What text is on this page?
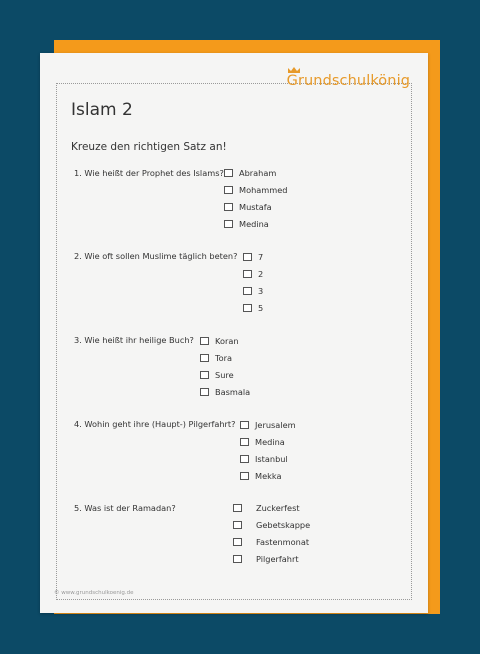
Grundschulkönig
Islam 2
Kreuze den richtigen Satz an!
1. Wie heißt der Prophet des Islams? Abraham
Mohammed
Mustafa
Medina
2. Wie oft sollen Muslime täglich beten?	7
2
3
5
3. Wie heißt ihr heilige Buch?	Koran
Tora
Sure
Basmala
4. Wohin geht ihre (Haupt-) Pilgerfahrt? Jerusalem
Medina
Istanbul
Mekka
5. Was ist der Ramadan?	Zuckerfest
Gebetskappe
Fastenmonat
Pilgerfahrt
© www.grundschulkoenig.de
